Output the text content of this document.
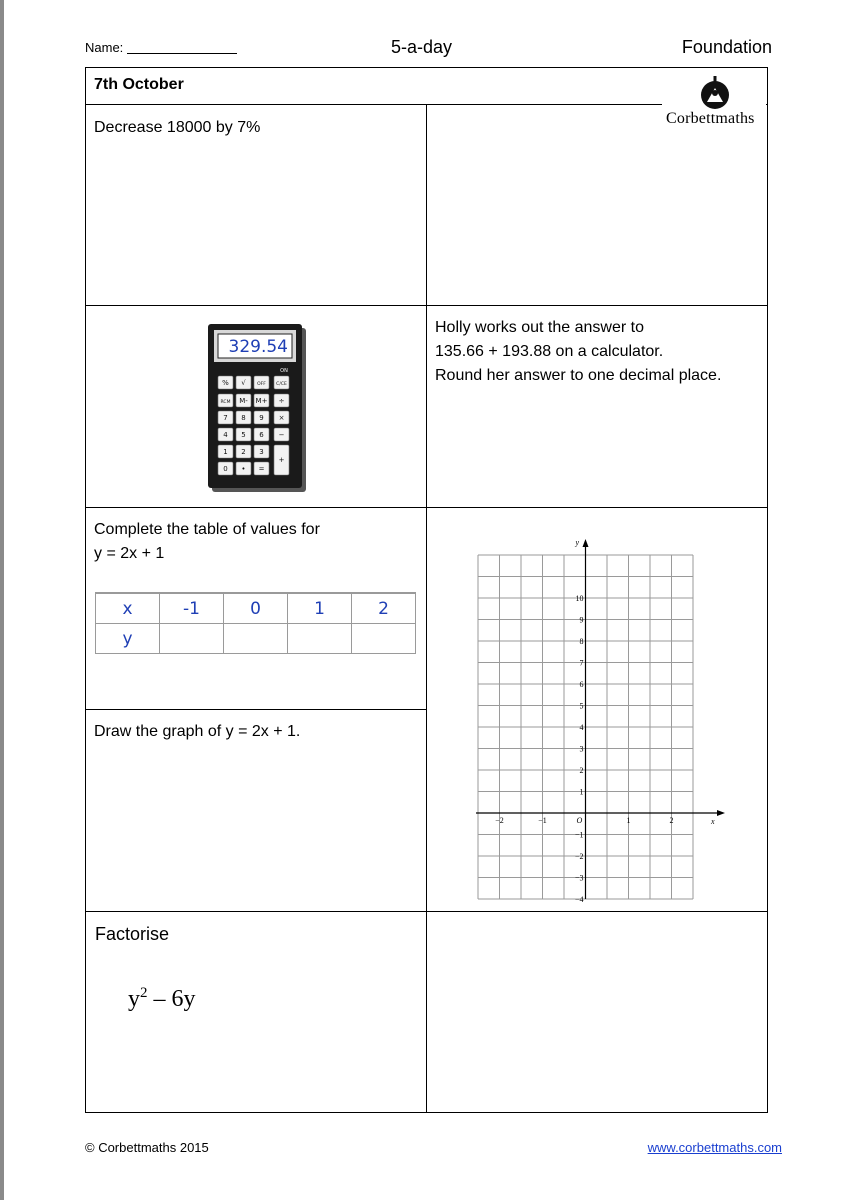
Name:	5-a-day	Foundation
7th October
Corbettmaths
Decrease 18000 by 7%
329.54
ON
% √	OFF C/CE
RCM M- M+ ÷
7 8 9 ×
4 5 6 −
1 2 3
+
0 • =
Holly works out the answer to
135.66 + 193.88 on a calculator.
Round her answer to one decimal place.
Complete the table of values for
y = 2x + 1
x	-1	0	1	2
y				
Draw the graph of y = 2x + 1.
x
y
O
−2	−1	1	2
10
9
8
7
6
5
4
3
2
1
−1
−2
−3
−4
Factorise
$y^2 - 6y$
© Corbettmaths 2015	www.corbettmaths.com
